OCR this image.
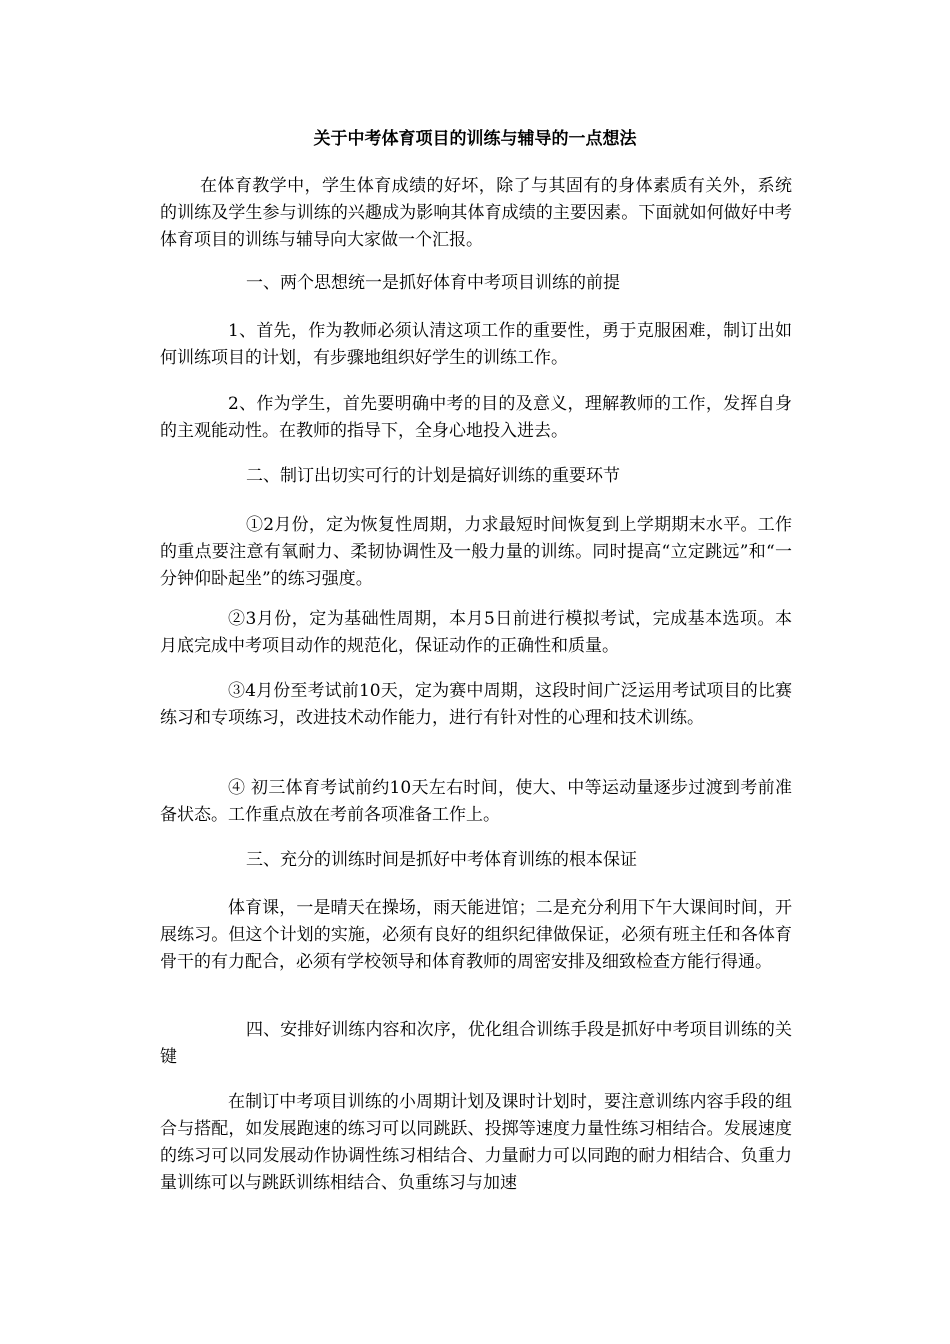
关于中考体育项目的训练与辅导的一点想法

在体育教学中，学生体育成绩的好坏，除了与其固有的身体素质有关外，系统的训练及学生参与训练的兴趣成为影响其体育成绩的主要因素。下面就如何做好中考体育项目的训练与辅导向大家做一个汇报。

一、两个思想统一是抓好体育中考项目训练的前提

1、首先，作为教师必须认清这项工作的重要性，勇于克服困难，制订出如何训练项目的计划，有步骤地组织好学生的训练工作。

2、作为学生，首先要明确中考的目的及意义，理解教师的工作，发挥自身的主观能动性。在教师的指导下，全身心地投入进去。

二、制订出切实可行的计划是搞好训练的重要环节

①2月份，定为恢复性周期，力求最短时间恢复到上学期期末水平。工作的重点要注意有氧耐力、柔韧协调性及一般力量的训练。同时提高“立定跳远”和“一分钟仰卧起坐”的练习强度。

②3月份，定为基础性周期，本月5日前进行模拟考试，完成基本选项。本月底完成中考项目动作的规范化，保证动作的正确性和质量。

③4月份至考试前10天，定为赛中周期，这段时间广泛运用考试项目的比赛练习和专项练习，改进技术动作能力，进行有针对性的心理和技术训练。

④ 初三体育考试前约10天左右时间，使大、中等运动量逐步过渡到考前准备状态。工作重点放在考前各项准备工作上。

三、充分的训练时间是抓好中考体育训练的根本保证

体育课，一是晴天在操场，雨天能进馆；二是充分利用下午大课间时间，开展练习。但这个计划的实施，必须有良好的组织纪律做保证，必须有班主任和各体育骨干的有力配合，必须有学校领导和体育教师的周密安排及细致检查方能行得通。

四、安排好训练内容和次序，优化组合训练手段是抓好中考项目训练的关键

在制订中考项目训练的小周期计划及课时计划时，要注意训练内容手段的组合与搭配，如发展跑速的练习可以同跳跃、投掷等速度力量性练习相结合。发展速度的练习可以同发展动作协调性练习相结合、力量耐力可以同跑的耐力相结合、负重力量训练可以与跳跃训练相结合、负重练习与加速
